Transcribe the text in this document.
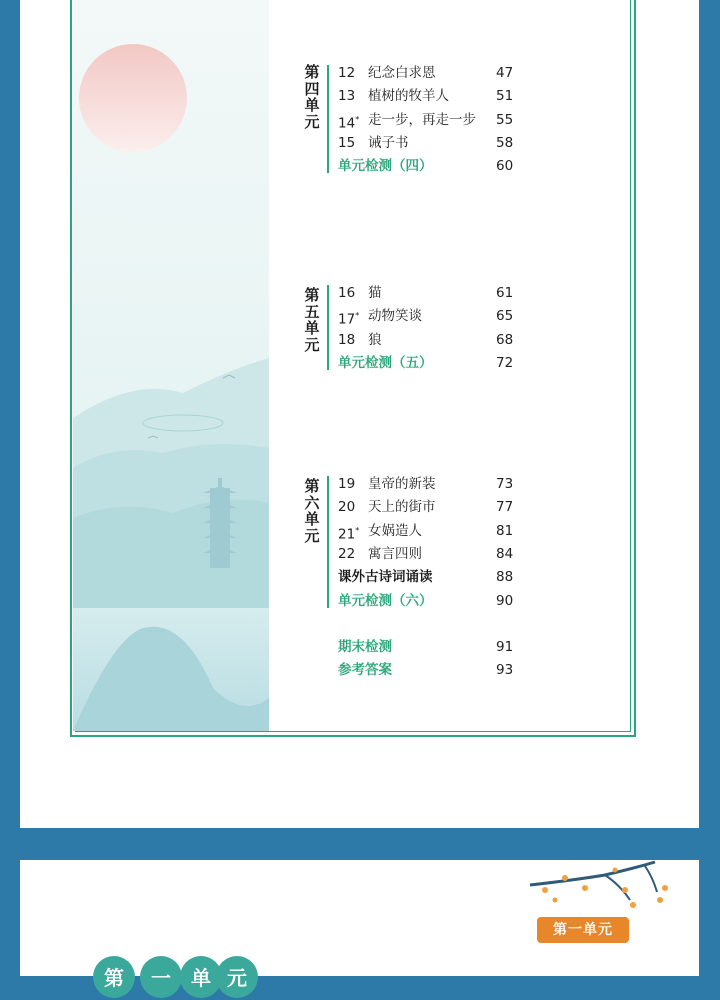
第四单元
12 纪念白求恩	47
13 植树的牧羊人	51
14* 走一步，再走一步 55
15 诫子书	58
单元检测（四）	60
第五单元
16 猫	61
17* 动物笑谈	65
18 狼	68
单元检测（五）	72
第六单元
19 皇帝的新装	73
20 天上的街市	77
21* 女娲造人	81
22 寓言四则	84
课外古诗词诵读	88
单元检测（六）	90
期末检测	91
参考答案	93
第一单元
第	一	单 元
